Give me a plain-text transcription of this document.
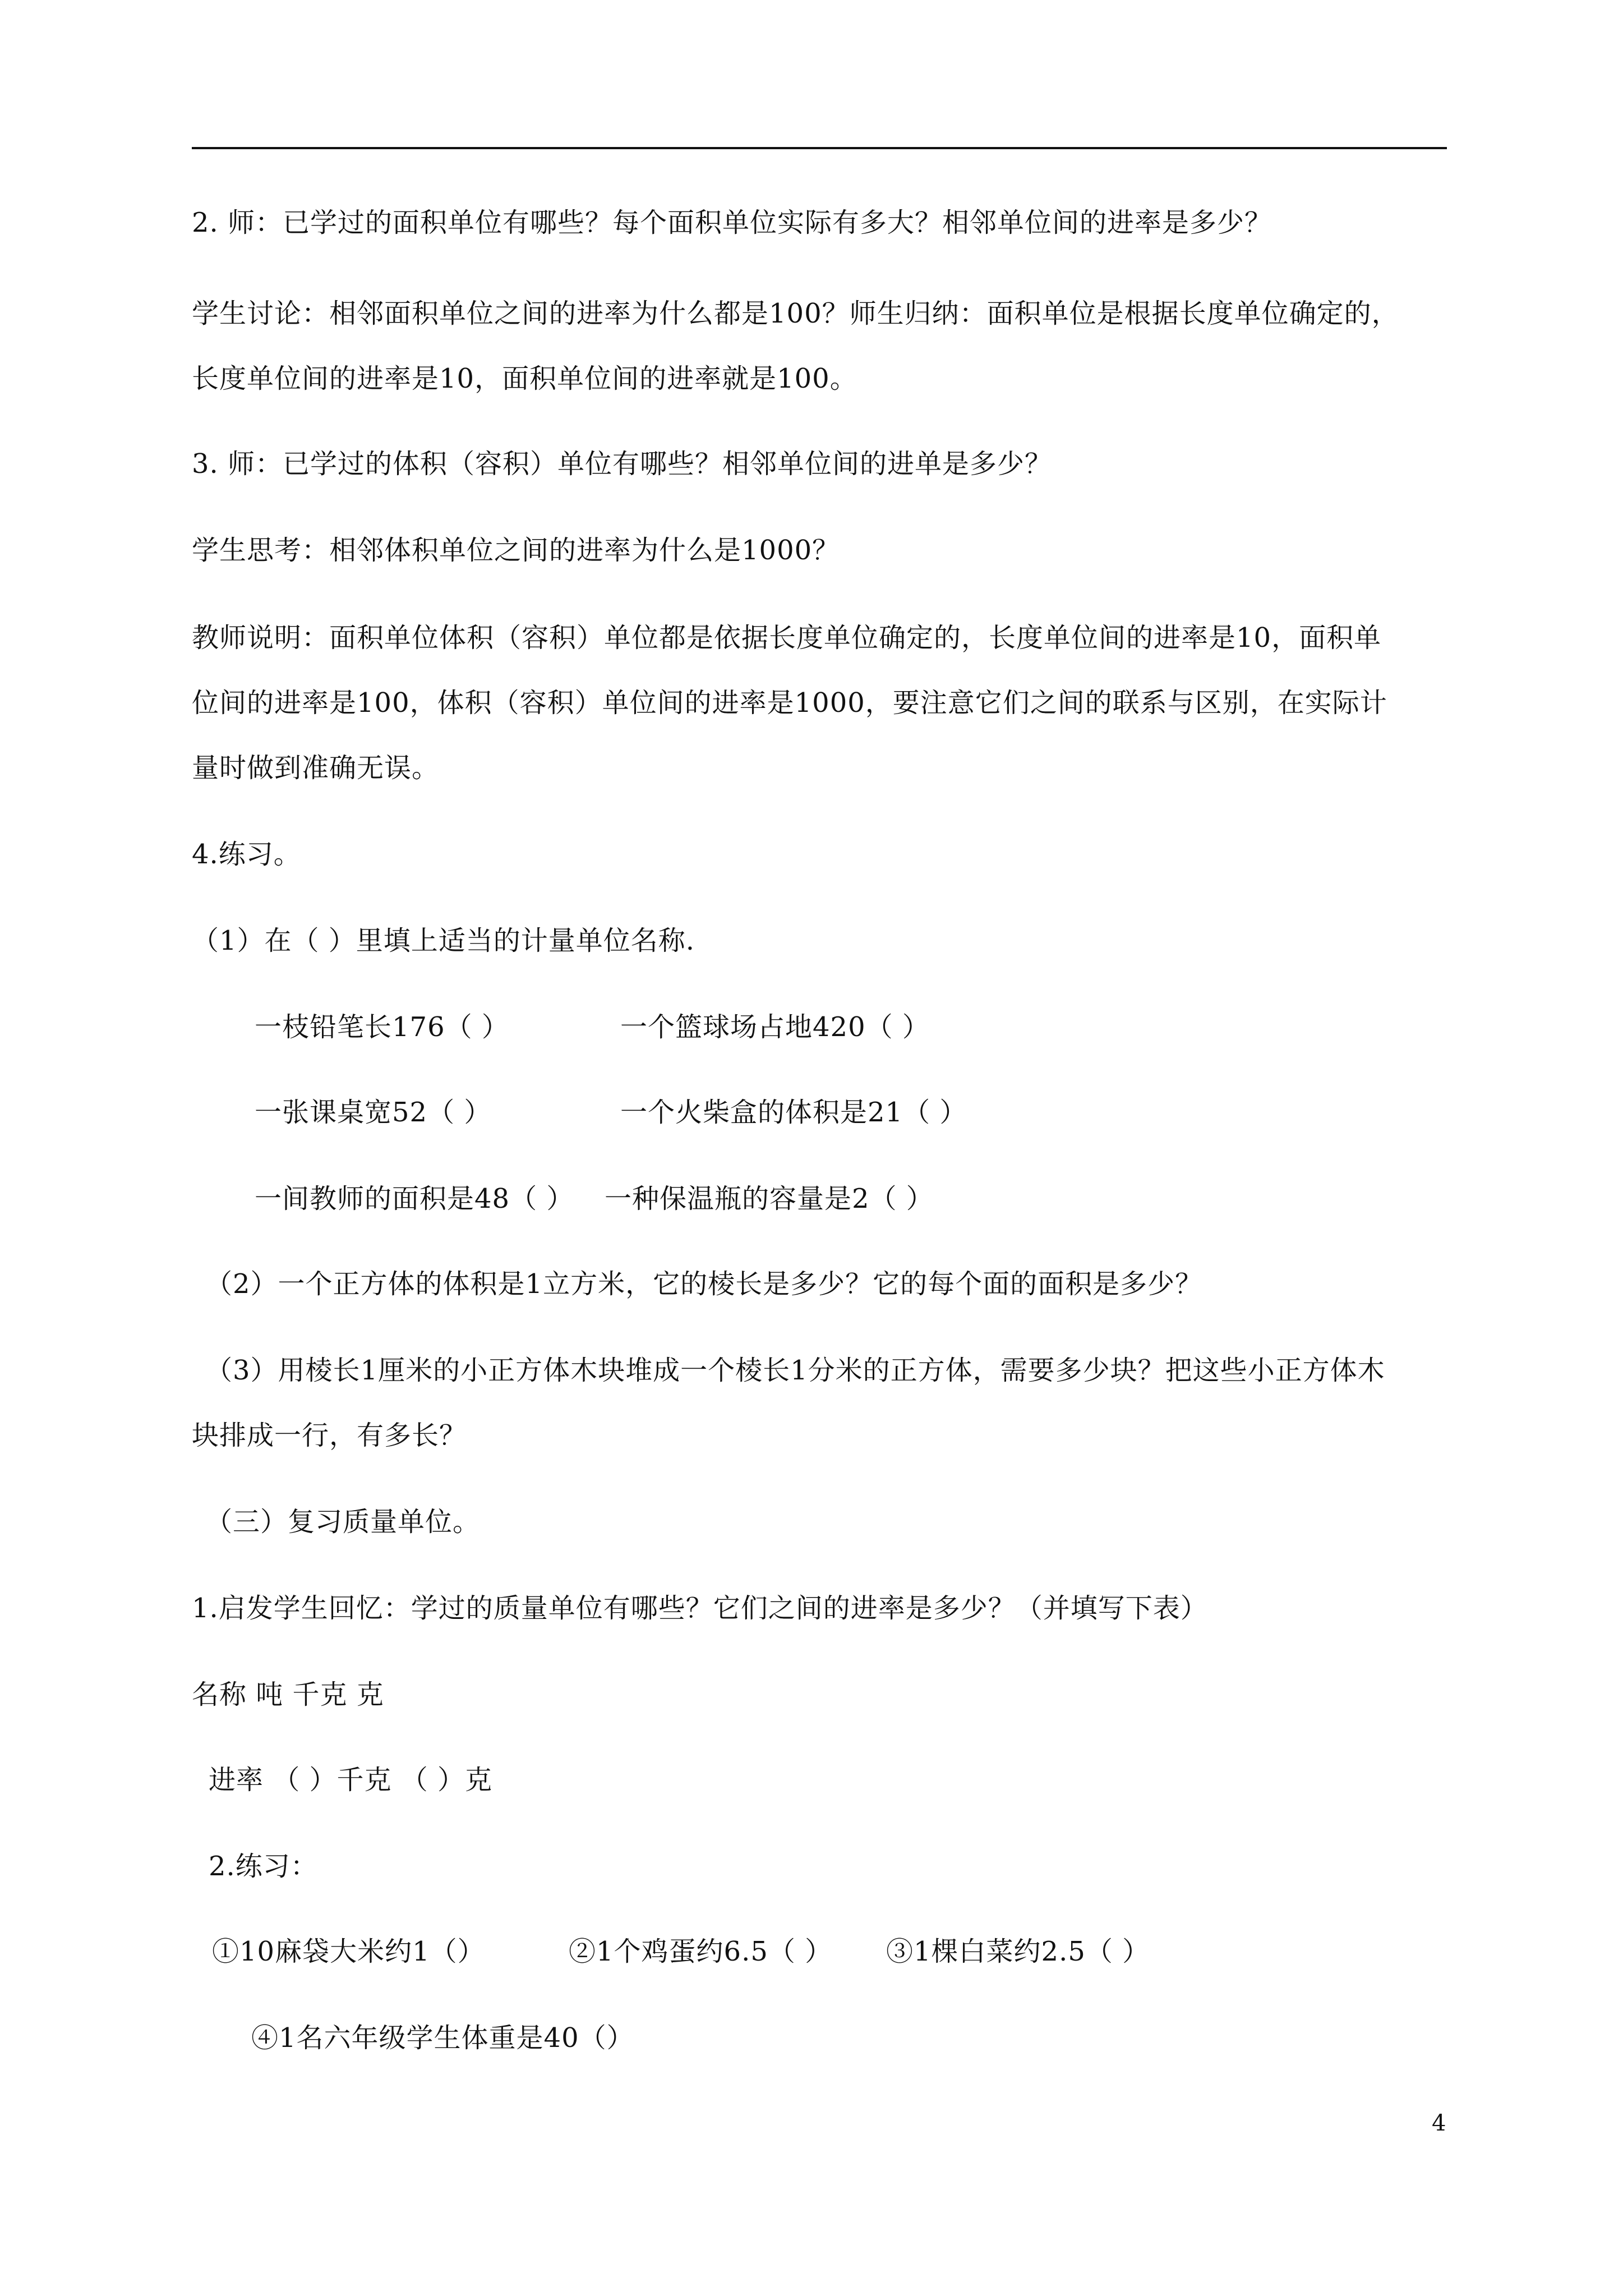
2. 师：已学过的面积单位有哪些？每个面积单位实际有多大？相邻单位间的进率是多少？
学生讨论：相邻面积单位之间的进率为什么都是100？师生归纳：面积单位是根据长度单位确定的，
长度单位间的进率是10，面积单位间的进率就是100。
3. 师：已学过的体积（容积）单位有哪些？相邻单位间的进单是多少？
学生思考：相邻体积单位之间的进率为什么是1000？
教师说明：面积单位体积（容积）单位都是依据长度单位确定的，长度单位间的进率是10，面积单
位间的进率是100，体积（容积）单位间的进率是1000，要注意它们之间的联系与区别，在实际计
量时做到准确无误。
4.练习。
（1）在（ ）里填上适当的计量单位名称.
一枝铅笔长176（ ）	一个篮球场占地420（ ）
一张课桌宽52（ ）	一个火柴盒的体积是21（ ）
一间教师的面积是48（ ） 一种保温瓶的容量是2（ ）
（2）一个正方体的体积是1立方米，它的棱长是多少？它的每个面的面积是多少？
（3）用棱长1厘米的小正方体木块堆成一个棱长1分米的正方体，需要多少块？把这些小正方体木
块排成一行，有多长？
（三）复习质量单位。
1.启发学生回忆：学过的质量单位有哪些？它们之间的进率是多少？（并填写下表）
名称 吨 千克 克
进率 （ ）千克 （ ）克
2.练习：
①10麻袋大米约1（）	②1个鸡蛋约6.5（ ） ③1棵白菜约2.5（ ）
④1名六年级学生体重是40（）
4
